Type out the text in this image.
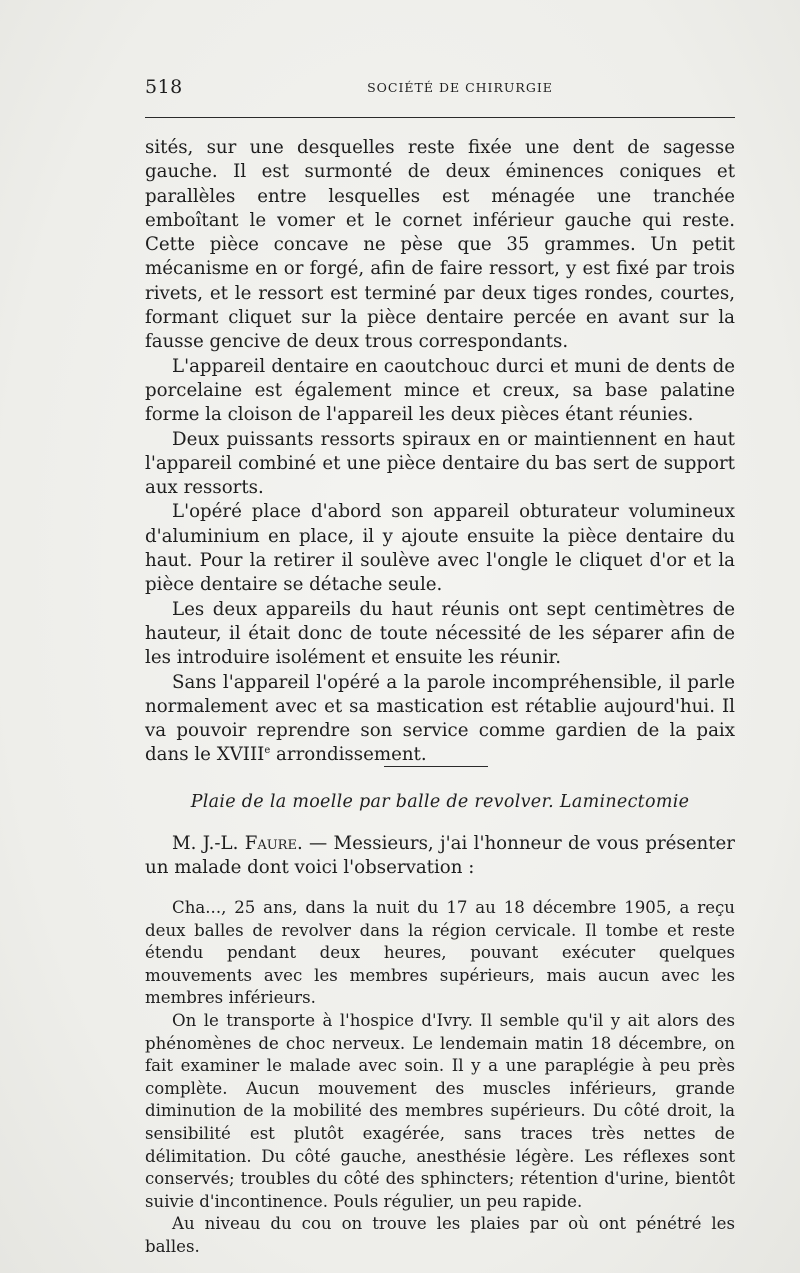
518	SOCIÉTÉ DE CHIRURGIE

sités, sur une desquelles reste fixée une dent de sagesse gauche. Il est surmonté de deux éminences coniques et parallèles entre lesquelles est ménagée une tranchée emboîtant le vomer et le cornet inférieur gauche qui reste. Cette pièce concave ne pèse que 35 grammes. Un petit mécanisme en or forgé, afin de faire ressort, y est fixé par trois rivets, et le ressort est terminé par deux tiges rondes, courtes, formant cliquet sur la pièce dentaire percée en avant sur la fausse gencive de deux trous correspondants.

L'appareil dentaire en caoutchouc durci et muni de dents de porcelaine est également mince et creux, sa base palatine forme la cloison de l'appareil les deux pièces étant réunies.

Deux puissants ressorts spiraux en or maintiennent en haut l'appareil combiné et une pièce dentaire du bas sert de support aux ressorts.

L'opéré place d'abord son appareil obturateur volumineux d'aluminium en place, il y ajoute ensuite la pièce dentaire du haut. Pour la retirer il soulève avec l'ongle le cliquet d'or et la pièce dentaire se détache seule.

Les deux appareils du haut réunis ont sept centimètres de hauteur, il était donc de toute nécessité de les séparer afin de les introduire isolément et ensuite les réunir.

Sans l'appareil l'opéré a la parole incompréhensible, il parle normalement avec et sa mastication est rétablie aujourd'hui. Il va pouvoir reprendre son service comme gardien de la paix dans le XVIIIe arrondissement.

Plaie de la moelle par balle de revolver. Laminectomie

M. J.-L. Faure. — Messieurs, j'ai l'honneur de vous présenter un malade dont voici l'observation :

Cha..., 25 ans, dans la nuit du 17 au 18 décembre 1905, a reçu deux balles de revolver dans la région cervicale. Il tombe et reste étendu pendant deux heures, pouvant exécuter quelques mouvements avec les membres supérieurs, mais aucun avec les membres inférieurs.

On le transporte à l'hospice d'Ivry. Il semble qu'il y ait alors des phénomènes de choc nerveux. Le lendemain matin 18 décembre, on fait examiner le malade avec soin. Il y a une paraplégie à peu près complète. Aucun mouvement des muscles inférieurs, grande diminution de la mobilité des membres supérieurs. Du côté droit, la sensibilité est plutôt exagérée, sans traces très nettes de délimitation. Du côté gauche, anesthésie légère. Les réflexes sont conservés; troubles du côté des sphincters; rétention d'urine, bientôt suivie d'incontinence. Pouls régulier, un peu rapide.

Au niveau du cou on trouve les plaies par où ont pénétré les balles.
